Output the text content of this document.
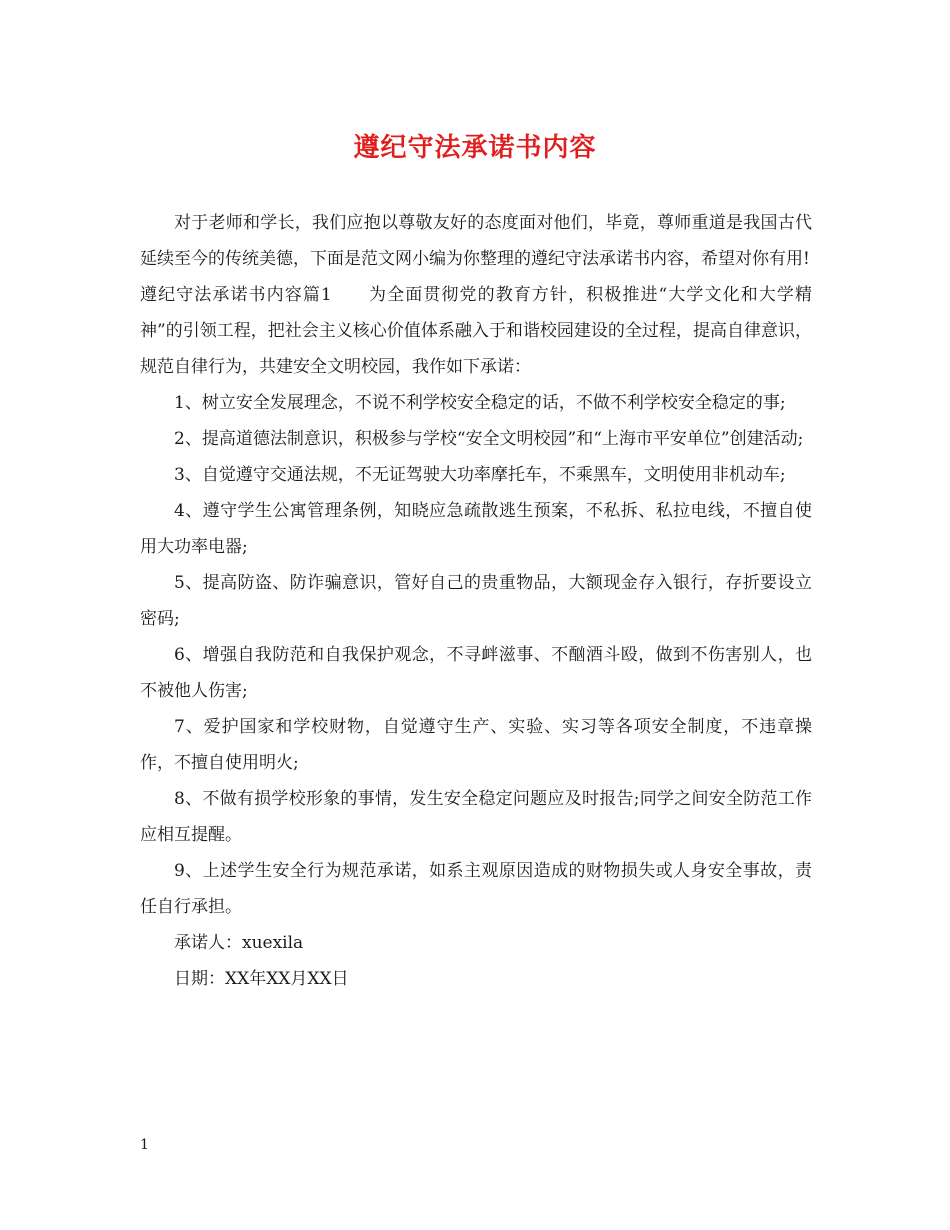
遵纪守法承诺书内容

对于老师和学长，我们应抱以尊敬友好的态度面对他们，毕竟，尊师重道是我国古代延续至今的传统美德，下面是范文网小编为你整理的遵纪守法承诺书内容，希望对你有用!

遵纪守法承诺书内容篇1　　 为全面贯彻党的教育方针，积极推进“大学文化和大学精神”的引领工程，把社会主义核心价值体系融入于和谐校园建设的全过程，提高自律意识，规范自律行为，共建安全文明校园，我作如下承诺：

1、树立安全发展理念，不说不利学校安全稳定的话，不做不利学校安全稳定的事;

2、提高道德法制意识，积极参与学校“安全文明校园”和“上海市平安单位”创建活动;

3、自觉遵守交通法规，不无证驾驶大功率摩托车，不乘黑车，文明使用非机动车;

4、遵守学生公寓管理条例，知晓应急疏散逃生预案，不私拆、私拉电线，不擅自使用大功率电器;

5、提高防盗、防诈骗意识，管好自己的贵重物品，大额现金存入银行，存折要设立密码;

6、增强自我防范和自我保护观念，不寻衅滋事、不酗酒斗殴，做到不伤害别人，也不被他人伤害;

7、爱护国家和学校财物，自觉遵守生产、实验、实习等各项安全制度，不违章操作，不擅自使用明火;

8、不做有损学校形象的事情，发生安全稳定问题应及时报告;同学之间安全防范工作应相互提醒。

9、上述学生安全行为规范承诺，如系主观原因造成的财物损失或人身安全事故，责任自行承担。

承诺人：xuexila

日期：XX年XX月XX日

1
